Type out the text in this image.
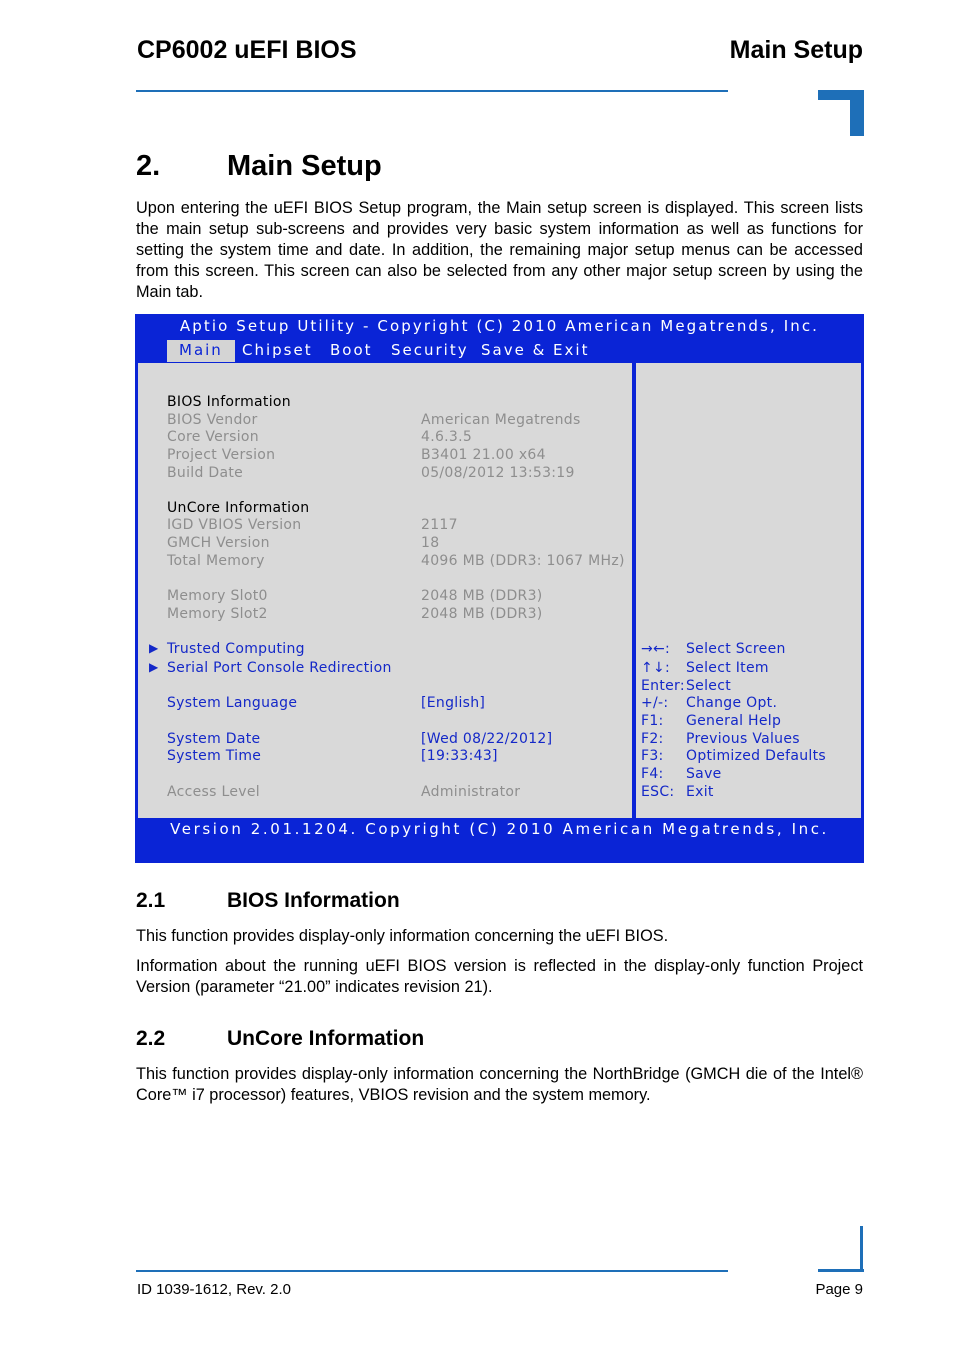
CP6002 uEFI BIOS	Main Setup
2. Main Setup
Upon entering the uEFI BIOS Setup program, the Main setup screen is displayed. This screen lists the main setup sub-screens and provides very basic system information as well as functions for setting the system time and date. In addition, the remaining major setup menus can be accessed from this screen. This screen can also be selected from any other major setup screen by using the Main tab.
Aptio Setup Utility - Copyright (C) 2010 American Megatrends, Inc.
Main	Chipset Boot Security Save & Exit
BIOS Information
BIOS Vendor	American Megatrends
Core Version	4.6.3.5
Project Version	B3401 21.00 x64
Build Date	05/08/2012 13:53:19
UnCore Information
IGD VBIOS Version	2117
GMCH Version	18
Total Memory	4096 MB (DDR3: 1067 MHz)
Memory Slot0	2048 MB (DDR3)
Memory Slot2	2048 MB (DDR3)
▶ Trusted Computing
▶ Serial Port Console Redirection
System Language	[English]
System Date	[Wed 08/22/2012]
System Time	[19:33:43]
Access Level	Administrator
→←: Select Screen
↑↓: Select Item
Enter: Select
+/-: Change Opt.
F1: General Help
F2: Previous Values
F3: Optimized Defaults
F4: Save
ESC: Exit
Version 2.01.1204. Copyright (C) 2010 American Megatrends, Inc.
2.1	BIOS Information
This function provides display-only information concerning the uEFI BIOS.
Information about the running uEFI BIOS version is reflected in the display-only function Project Version (parameter “21.00” indicates revision 21).
2.2	UnCore Information
This function provides display-only information concerning the NorthBridge (GMCH die of the Intel® Core™ i7 processor) features, VBIOS revision and the system memory.
ID 1039-1612, Rev. 2.0	Page 9
